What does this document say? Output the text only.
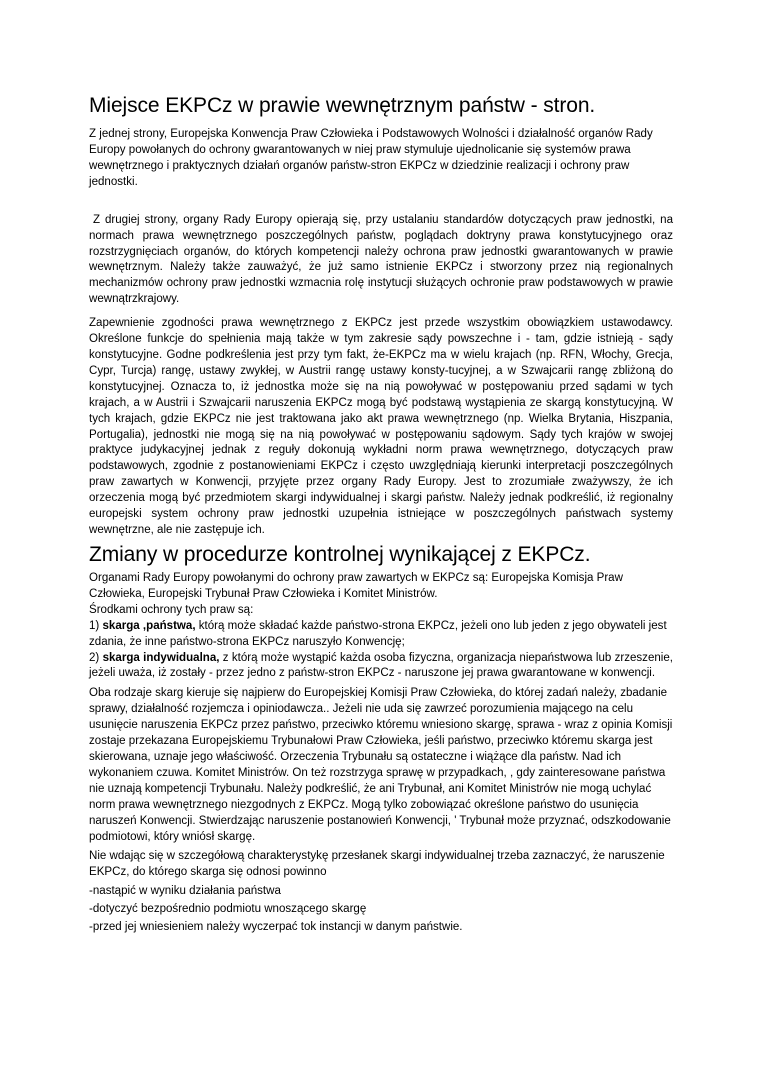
Miejsce EKPCz w prawie wewnętrznym państw - stron.

Z jednej strony, Europejska Konwencja Praw Człowieka i Podstawowych Wolności i działalność organów Rady Europy powołanych do ochrony gwarantowanych w niej praw stymuluje ujednolicanie się systemów prawa wewnętrznego i praktycznych działań organów państw-stron EKPCz w dziedzinie realizacji i ochrony praw jednostki.

Z drugiej strony, organy Rady Europy opierają się, przy ustalaniu standardów dotyczących praw jednostki, na normach prawa wewnętrznego poszczególnych państw, poglądach doktryny prawa konstytucyjnego oraz rozstrzygnięciach organów, do których kompetencji należy ochrona praw jednostki gwarantowanych w prawie wewnętrznym. Należy także zauważyć, że już samo istnienie EKPCz i stworzony przez nią regionalnych mechanizmów ochrony praw jednostki wzmacnia rolę instytucji służących ochronie praw podstawowych w prawie wewnątrzkrajowy.

Zapewnienie zgodności prawa wewnętrznego z EKPCz jest przede wszystkim obowiązkiem ustawodawcy. Określone funkcje do spełnienia mają także w tym zakresie sądy powszechne i - tam, gdzie istnieją - sądy konstytucyjne. Godne podkreślenia jest przy tym fakt, że-EKPCz ma w wielu krajach (np. RFN, Włochy, Grecja, Cypr, Turcja) rangę, ustawy zwykłej, w Austrii rangę ustawy konsty-tucyjnej, a w Szwajcarii rangę zbliżoną do konstytucyjnej. Oznacza to, iż jednostka może się na nią powoływać w postępowaniu przed sądami w tych krajach, a w Austrii i Szwajcarii naruszenia EKPCz mogą być podstawą wystąpienia ze skargą konstytucyjną. W tych krajach, gdzie EKPCz nie jest traktowana jako akt prawa wewnętrznego (np. Wielka Brytania, Hiszpania, Portugalia), jednostki nie mogą się na nią powoływać w postępowaniu sądowym. Sądy tych krajów w swojej praktyce judykacyjnej jednak z reguły dokonują wykładni norm prawa wewnętrznego, dotyczących praw podstawowych, zgodnie z postanowieniami EKPCz i często uwzględniają kierunki interpretacji poszczególnych praw zawartych w Konwencji, przyjęte przez organy Rady Europy. Jest to zrozumiałe zważywszy, że ich orzeczenia mogą być przedmiotem skargi indywidualnej i skargi państw. Należy jednak podkreślić, iż regionalny europejski system ochrony praw jednostki uzupełnia istniejące w poszczególnych państwach systemy wewnętrzne, ale nie zastępuje ich.

Zmiany w procedurze kontrolnej wynikającej z EKPCz.

Organami Rady Europy powołanymi do ochrony praw zawartych w EKPCz są: Europejska Komisja Praw Człowieka, Europejski Trybunał Praw Człowieka i Komitet Ministrów.

Środkami ochrony tych praw są:

1) skarga ,państwa, którą może składać każde państwo-strona EKPCz, jeżeli ono lub jeden z jego obywateli jest zdania, że inne państwo-strona EKPCz naruszyło Konwencję;

2) skarga indywidualna, z którą może wystąpić każda osoba fizyczna, organizacja niepaństwowa lub zrzeszenie, jeżeli uważa, iż zostały - przez jedno z państw-stron EKPCz - naruszone jej prawa gwarantowane w konwencji.

Oba rodzaje skarg kieruje się najpierw do Europejskiej Komisji Praw Człowieka, do której zadań należy, zbadanie sprawy, działalność rozjemcza i opiniodawcza.. Jeżeli nie uda się zawrzeć porozumienia mającego na celu usunięcie naruszenia EKPCz przez państwo, przeciwko któremu wniesiono skargę, sprawa - wraz z opinia Komisji zostaje przekazana Europejskiemu Trybunałowi Praw Człowieka, jeśli państwo, przeciwko któremu skarga jest skierowana, uznaje jego właściwość. Orzeczenia Trybunału są ostateczne i wiążące dla państw. Nad ich wykonaniem czuwa. Komitet Ministrów. On też rozstrzyga sprawę w przypadkach, , gdy zainteresowane państwa nie uznają kompetencji Trybunału. Należy podkreślić, że ani Trybunał, ani Komitet Ministrów nie mogą uchylać norm prawa wewnętrznego niezgodnych z EKPCz. Mogą tylko zobowiązać określone państwo do usunięcia naruszeń Konwencji. Stwierdzając naruszenie postanowień Konwencji, ' Trybunał może przyznać, odszkodowanie podmiotowi, który wniósł skargę.

Nie wdając się w szczegółową charakterystykę przesłanek skargi indywidualnej trzeba zaznaczyć, że naruszenie EKPCz, do którego skarga się odnosi powinno

-nastąpić w wyniku działania państwa

-dotyczyć bezpośrednio podmiotu wnoszącego skargę

-przed jej wniesieniem należy wyczerpać tok instancji w danym państwie.
